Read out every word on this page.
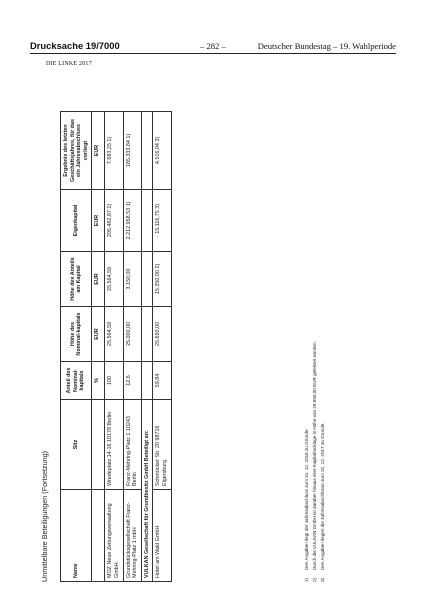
Drucksache 19/7000	– 282 –	Deutscher Bundestag – 19. Wahlperiode
DIE LINKE 2017
Unmittelbare Beteiligungen (Fortsetzung)	Name	Sitz	Anteil des Nominal-kapitals	Höhe des Nominal-kapitals	Höhe des Anteils am Kapital	Eigenkapital	Ergebnis des letzten Geschäftsjahres, für das ein Jahresabschluss vorliegt
		%	EUR	EUR	EUR	EUR
MOZ Neue Zeitungsverwaltung GmbH	Wredeplatz 14-16 10178 Berlin	100	25.564,59	25.564,59	205.482,87 1)	7.683,25 1)
Grundstücksgesellschaft Franz-Mehring-Platz 1 mbH	Franz-Mehring-Platz 1 10243 Berlin	12,6	25.000,00	3.150,00	2.212.958,53 1)	185.333,84 1)
VULKAN Gesellschaft für Grundbesitz GmbH Beteiligt an:						
Hotel am Wald GmbH	Schmücker Str. 20 98716 Elgersburg	59,84	25.650,00	15.350,00 2)	- 15.116,75 3)	4.516,04 3)
1)Den Angaben liegt der Jahresabschluss zum 31. 12. 2016 zu Grunde.
2)Durch die VULKAN GmbH ist darüber hinaus eine Kapitalrücklage in Höhe von 29.550,00 EUR geleistet worden.
3)Den Angaben liegen die Jahresabschlüsse zum 31. 12. 2017 zu Grunde.
